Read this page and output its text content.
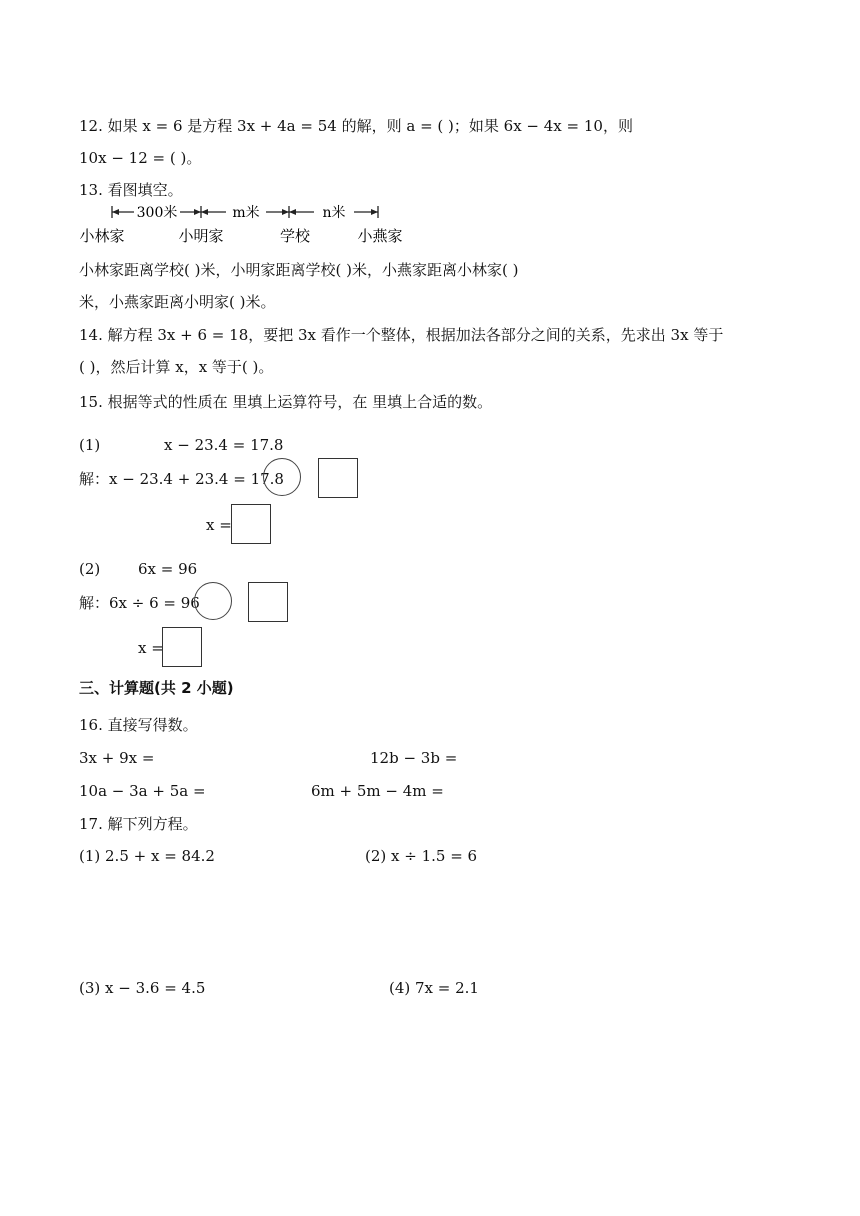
12. 如果 x = 6 是方程 3x + 4a = 54 的解，则 a = ( )；如果 6x − 4x = 10，则
10x − 12 = ( )。
13. 看图填空。
300米	m米	n米
小林家	小明家	学校	小燕家
小林家距离学校( )米，小明家距离学校( )米，小燕家距离小林家( )
米，小燕家距离小明家( )米。
14. 解方程 3x + 6 = 18，要把 3x 看作一个整体，根据加法各部分之间的关系，先求出 3x 等于
( )，然后计算 x，x 等于( )。
15. 根据等式的性质在 里填上运算符号，在 里填上合适的数。
(1)	x − 23.4 = 17.8
解：x − 23.4 + 23.4 = 17.8
x =
(2)	6x = 96
解：6x ÷ 6 = 96
x =
三、计算题(共 2 小题)
16. 直接写得数。
3x + 9x =	12b − 3b =
10a − 3a + 5a =	6m + 5m − 4m =
17. 解下列方程。
(1) 2.5 + x = 84.2	(2) x ÷ 1.5 = 6
(3) x − 3.6 = 4.5	(4) 7x = 2.1
